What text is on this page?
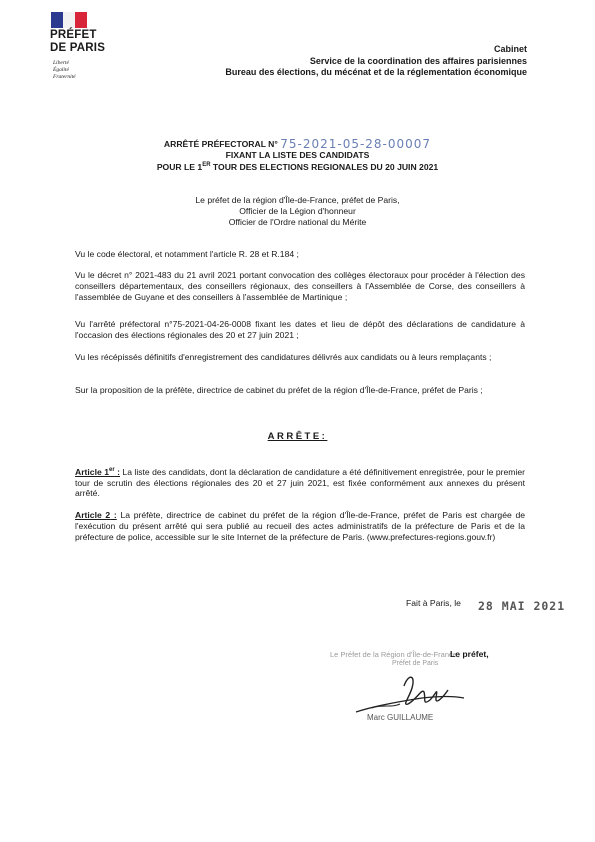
PRÉFET
DE PARIS
Liberté
Égalité
Fraternité
Cabinet
Service de la coordination des affaires parisiennes
Bureau des élections, du mécénat et de la réglementation économique
ARRÊTÉ PRÉFECTORAL N° 75-2021-05-28-00007
FIXANT LA LISTE DES CANDIDATS
POUR LE 1ER TOUR DES ELECTIONS REGIONALES DU 20 JUIN 2021
Le préfet de la région d'Île-de-France, préfet de Paris,
Officier de la Légion d'honneur
Officier de l'Ordre national du Mérite
Vu le code électoral, et notamment l'article R. 28 et R.184 ;
Vu le décret n° 2021-483 du 21 avril 2021 portant convocation des collèges électoraux pour procéder à l'élection des conseillers départementaux, des conseillers régionaux, des conseillers à l'Assemblée de Corse, des conseillers à l'assemblée de Guyane et des conseillers à l'assemblée de Martinique ;
Vu l'arrêté préfectoral n°75-2021-04-26-0008 fixant les dates et lieu de dépôt des déclarations de candidature à l'occasion des élections régionales des 20 et 27 juin 2021 ;
Vu les récépissés définitifs d'enregistrement des candidatures délivrés aux candidats ou à leurs remplaçants ;
Sur la proposition de la préfète, directrice de cabinet du préfet de la région d'Île-de-France, préfet de Paris ;
ARRÊTE:
Article 1er : La liste des candidats, dont la déclaration de candidature a été définitivement enregistrée, pour le premier tour de scrutin des élections régionales des 20 et 27 juin 2021, est fixée conformément aux annexes du présent arrêté.
Article 2 : La préfète, directrice de cabinet du préfet de la région d'Île-de-France, préfet de Paris est chargée de l'exécution du présent arrêté qui sera publié au recueil des actes administratifs de la préfecture de Paris et de la préfecture de police, accessible sur le site Internet de la préfecture de Paris. (www.prefectures-regions.gouv.fr)
Fait à Paris, le 28 MAI 2021
Le Préfet de la Région d'Île-de-France,
Préfet de Paris
Le préfet,
Marc GUILLAUME
